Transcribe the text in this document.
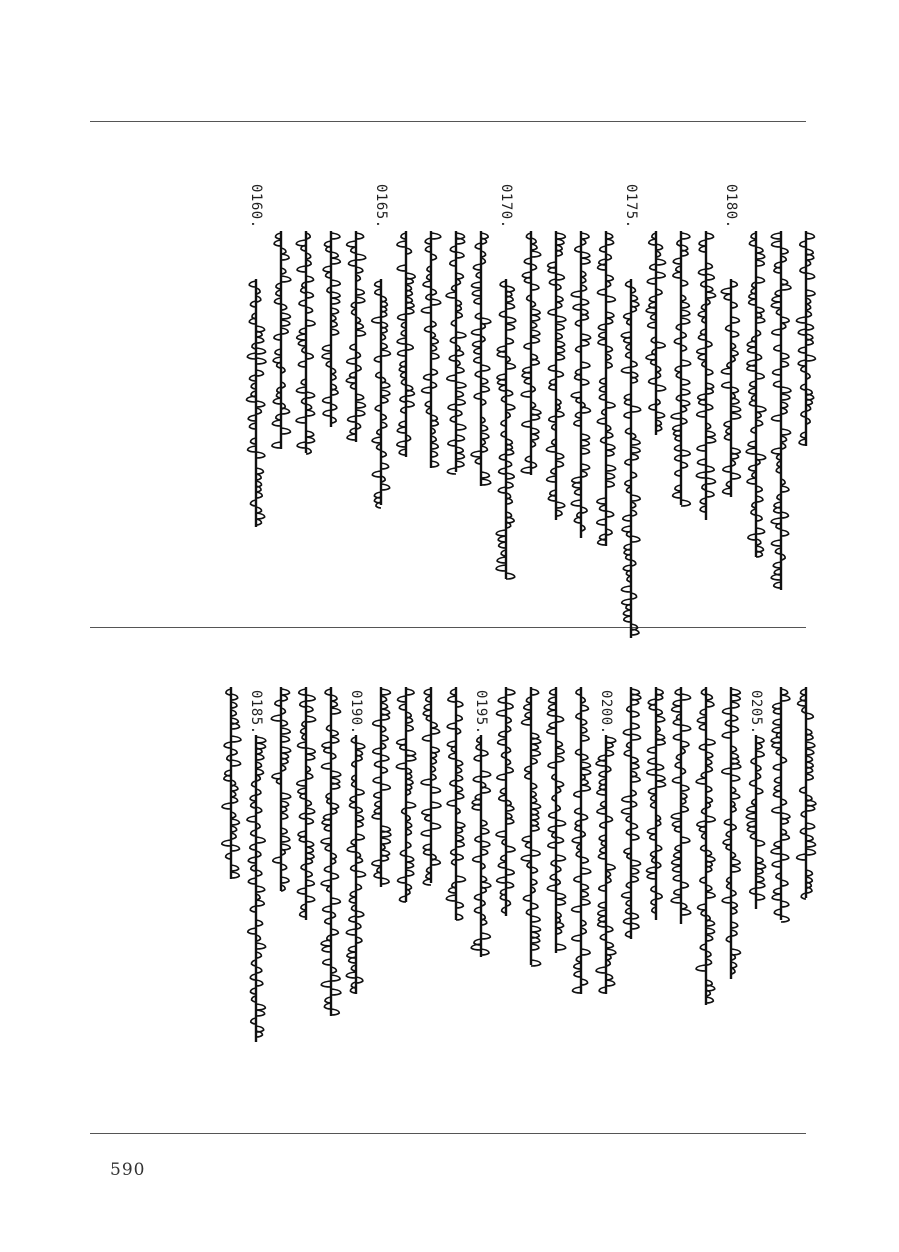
0180.
0175.
0170.
0165.
0160.
0205.
0200.
0195.
0190.
0185.
590
